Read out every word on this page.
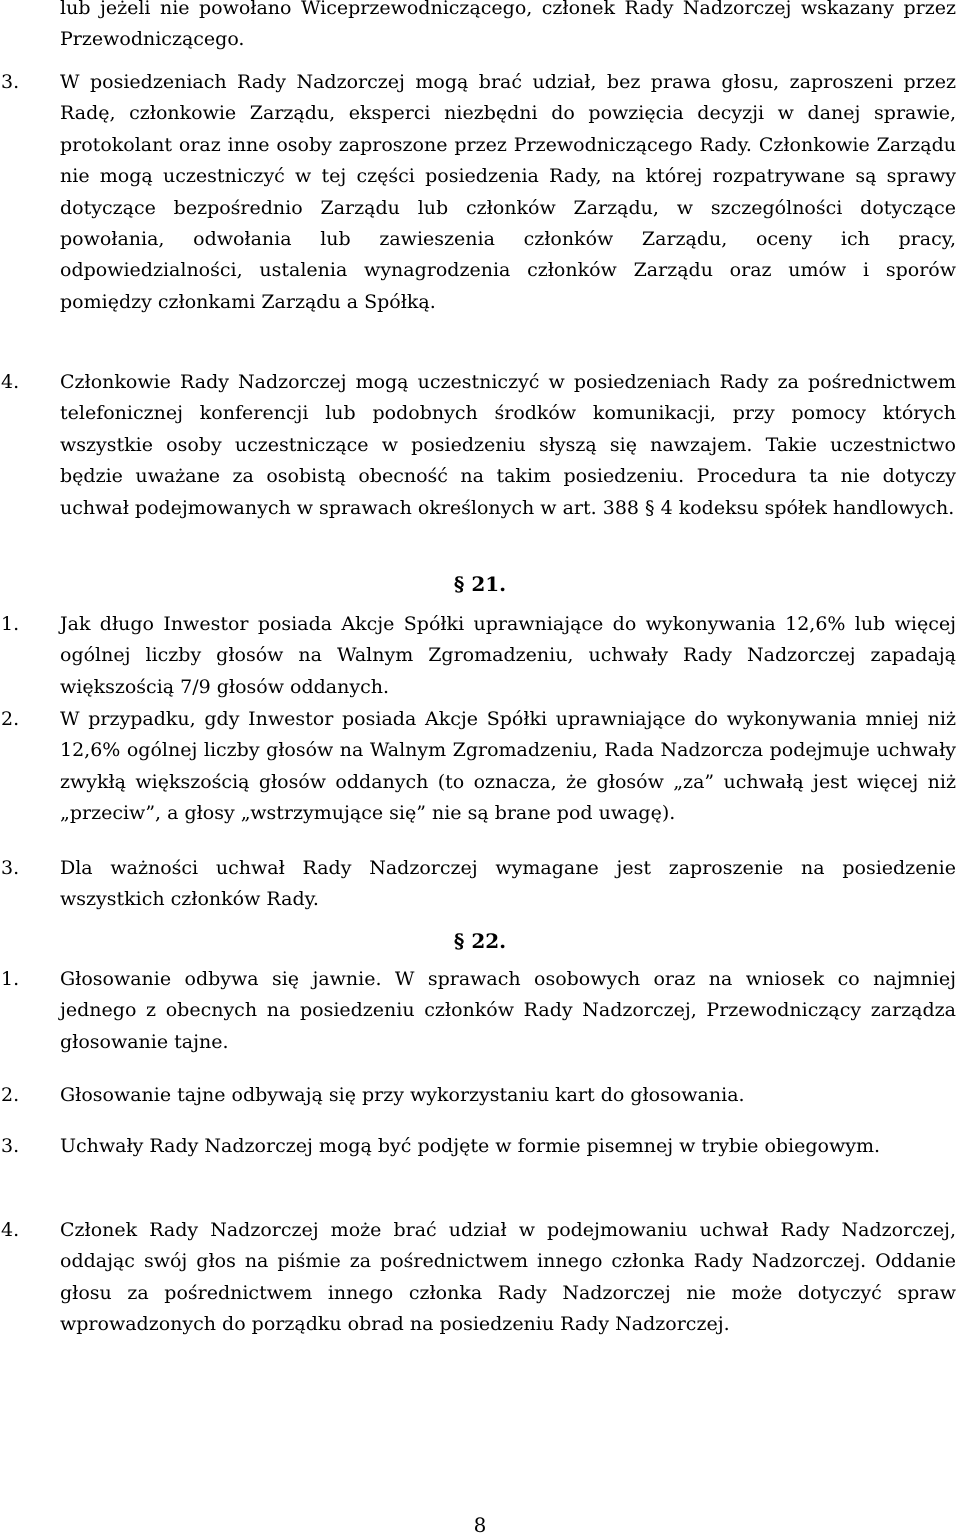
lub jeżeli nie powołano Wiceprzewodniczącego, członek Rady Nadzorczej wskazany przez Przewodniczącego.
3. W posiedzeniach Rady Nadzorczej mogą brać udział, bez prawa głosu, zaproszeni przez Radę, członkowie Zarządu, eksperci niezbędni do powzięcia decyzji w danej sprawie, protokolant oraz inne osoby zaproszone przez Przewodniczącego Rady. Członkowie Zarządu nie mogą uczestniczyć w tej części posiedzenia Rady, na której rozpatrywane są sprawy dotyczące bezpośrednio Zarządu lub członków Zarządu, w szczególności dotyczące powołania, odwołania lub zawieszenia członków Zarządu, oceny ich pracy, odpowiedzialności, ustalenia wynagrodzenia członków Zarządu oraz umów i sporów pomiędzy członkami Zarządu a Spółką.
4. Członkowie Rady Nadzorczej mogą uczestniczyć w posiedzeniach Rady za pośrednictwem telefonicznej konferencji lub podobnych środków komunikacji, przy pomocy których wszystkie osoby uczestniczące w posiedzeniu słyszą się nawzajem. Takie uczestnictwo będzie uważane za osobistą obecność na takim posiedzeniu. Procedura ta nie dotyczy uchwał podejmowanych w sprawach określonych w art. 388 § 4 kodeksu spółek handlowych.
§ 21.
1. Jak długo Inwestor posiada Akcje Spółki uprawniające do wykonywania 12,6% lub więcej ogólnej liczby głosów na Walnym Zgromadzeniu, uchwały Rady Nadzorczej zapadają większością 7/9 głosów oddanych.
2. W przypadku, gdy Inwestor posiada Akcje Spółki uprawniające do wykonywania mniej niż 12,6% ogólnej liczby głosów na Walnym Zgromadzeniu, Rada Nadzorcza podejmuje uchwały zwykłą większością głosów oddanych (to oznacza, że głosów „za” uchwałą jest więcej niż „przeciw”, a głosy „wstrzymujące się” nie są brane pod uwagę).
3. Dla ważności uchwał Rady Nadzorczej wymagane jest zaproszenie na posiedzenie wszystkich członków Rady.
§ 22.
1. Głosowanie odbywa się jawnie. W sprawach osobowych oraz na wniosek co najmniej jednego z obecnych na posiedzeniu członków Rady Nadzorczej, Przewodniczący zarządza głosowanie tajne.
2. Głosowanie tajne odbywają się przy wykorzystaniu kart do głosowania.
3. Uchwały Rady Nadzorczej mogą być podjęte w formie pisemnej w trybie obiegowym.
4. Członek Rady Nadzorczej może brać udział w podejmowaniu uchwał Rady Nadzorczej, oddając swój głos na piśmie za pośrednictwem innego członka Rady Nadzorczej. Oddanie głosu za pośrednictwem innego członka Rady Nadzorczej nie może dotyczyć spraw wprowadzonych do porządku obrad na posiedzeniu Rady Nadzorczej.
8
